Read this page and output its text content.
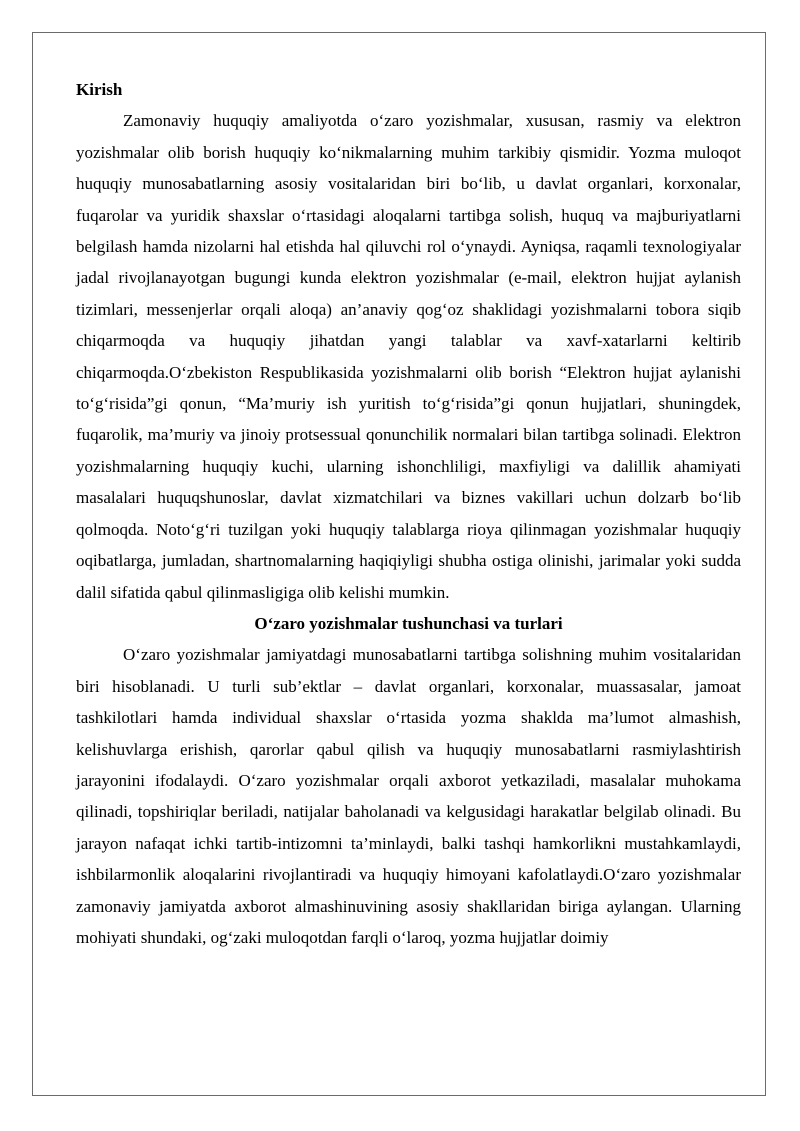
Kirish

Zamonaviy huquqiy amaliyotda o‘zaro yozishmalar, xususan, rasmiy va elektron yozishmalar olib borish huquqiy ko‘nikmalarning muhim tarkibiy qismidir. Yozma muloqot huquqiy munosabatlarning asosiy vositalaridan biri bo‘lib, u davlat organlari, korxonalar, fuqarolar va yuridik shaxslar o‘rtasidagi aloqalarni tartibga solish, huquq va majburiyatlarni belgilash hamda nizolarni hal etishda hal qiluvchi rol o‘ynaydi. Ayniqsa, raqamli texnologiyalar jadal rivojlanayotgan bugungi kunda elektron yozishmalar (e-mail, elektron hujjat aylanish tizimlari, messenjerlar orqali aloqa) an’anaviy qog‘oz shaklidagi yozishmalarni tobora siqib chiqarmoqda va huquqiy jihatdan yangi talablar va xavf-xatarlarni keltirib chiqarmoqda.O‘zbekiston Respublikasida yozishmalarni olib borish “Elektron hujjat aylanishi to‘g‘risida”gi qonun, “Ma’muriy ish yuritish to‘g‘risida”gi qonun hujjatlari, shuningdek, fuqarolik, ma’muriy va jinoiy protsessual qonunchilik normalari bilan tartibga solinadi. Elektron yozishmalarning huquqiy kuchi, ularning ishonchliligi, maxfiyligi va dalillik ahamiyati masalalari huquqshunoslar, davlat xizmatchilari va biznes vakillari uchun dolzarb bo‘lib qolmoqda. Noto‘g‘ri tuzilgan yoki huquqiy talablarga rioya qilinmagan yozishmalar huquqiy oqibatlarga, jumladan, shartnomalarning haqiqiyligi shubha ostiga olinishi, jarimalar yoki sudda dalil sifatida qabul qilinmasligiga olib kelishi mumkin.

O‘zaro yozishmalar tushunchasi va turlari

O‘zaro yozishmalar jamiyatdagi munosabatlarni tartibga solishning muhim vositalaridan biri hisoblanadi. U turli sub’ektlar – davlat organlari, korxonalar, muassasalar, jamoat tashkilotlari hamda individual shaxslar o‘rtasida yozma shaklda ma’lumot almashish, kelishuvlarga erishish, qarorlar qabul qilish va huquqiy munosabatlarni rasmiylashtirish jarayonini ifodalaydi. O‘zaro yozishmalar orqali axborot yetkaziladi, masalalar muhokama qilinadi, topshiriqlar beriladi, natijalar baholanadi va kelgusidagi harakatlar belgilab olinadi. Bu jarayon nafaqat ichki tartib-intizomni ta’minlaydi, balki tashqi hamkorlikni mustahkamlaydi, ishbilarmonlik aloqalarini rivojlantiradi va huquqiy himoyani kafolatlaydi.O‘zaro yozishmalar zamonaviy jamiyatda axborot almashinuvining asosiy shakllaridan biriga aylangan. Ularning mohiyati shundaki, og‘zaki muloqotdan farqli o‘laroq, yozma hujjatlar doimiy
